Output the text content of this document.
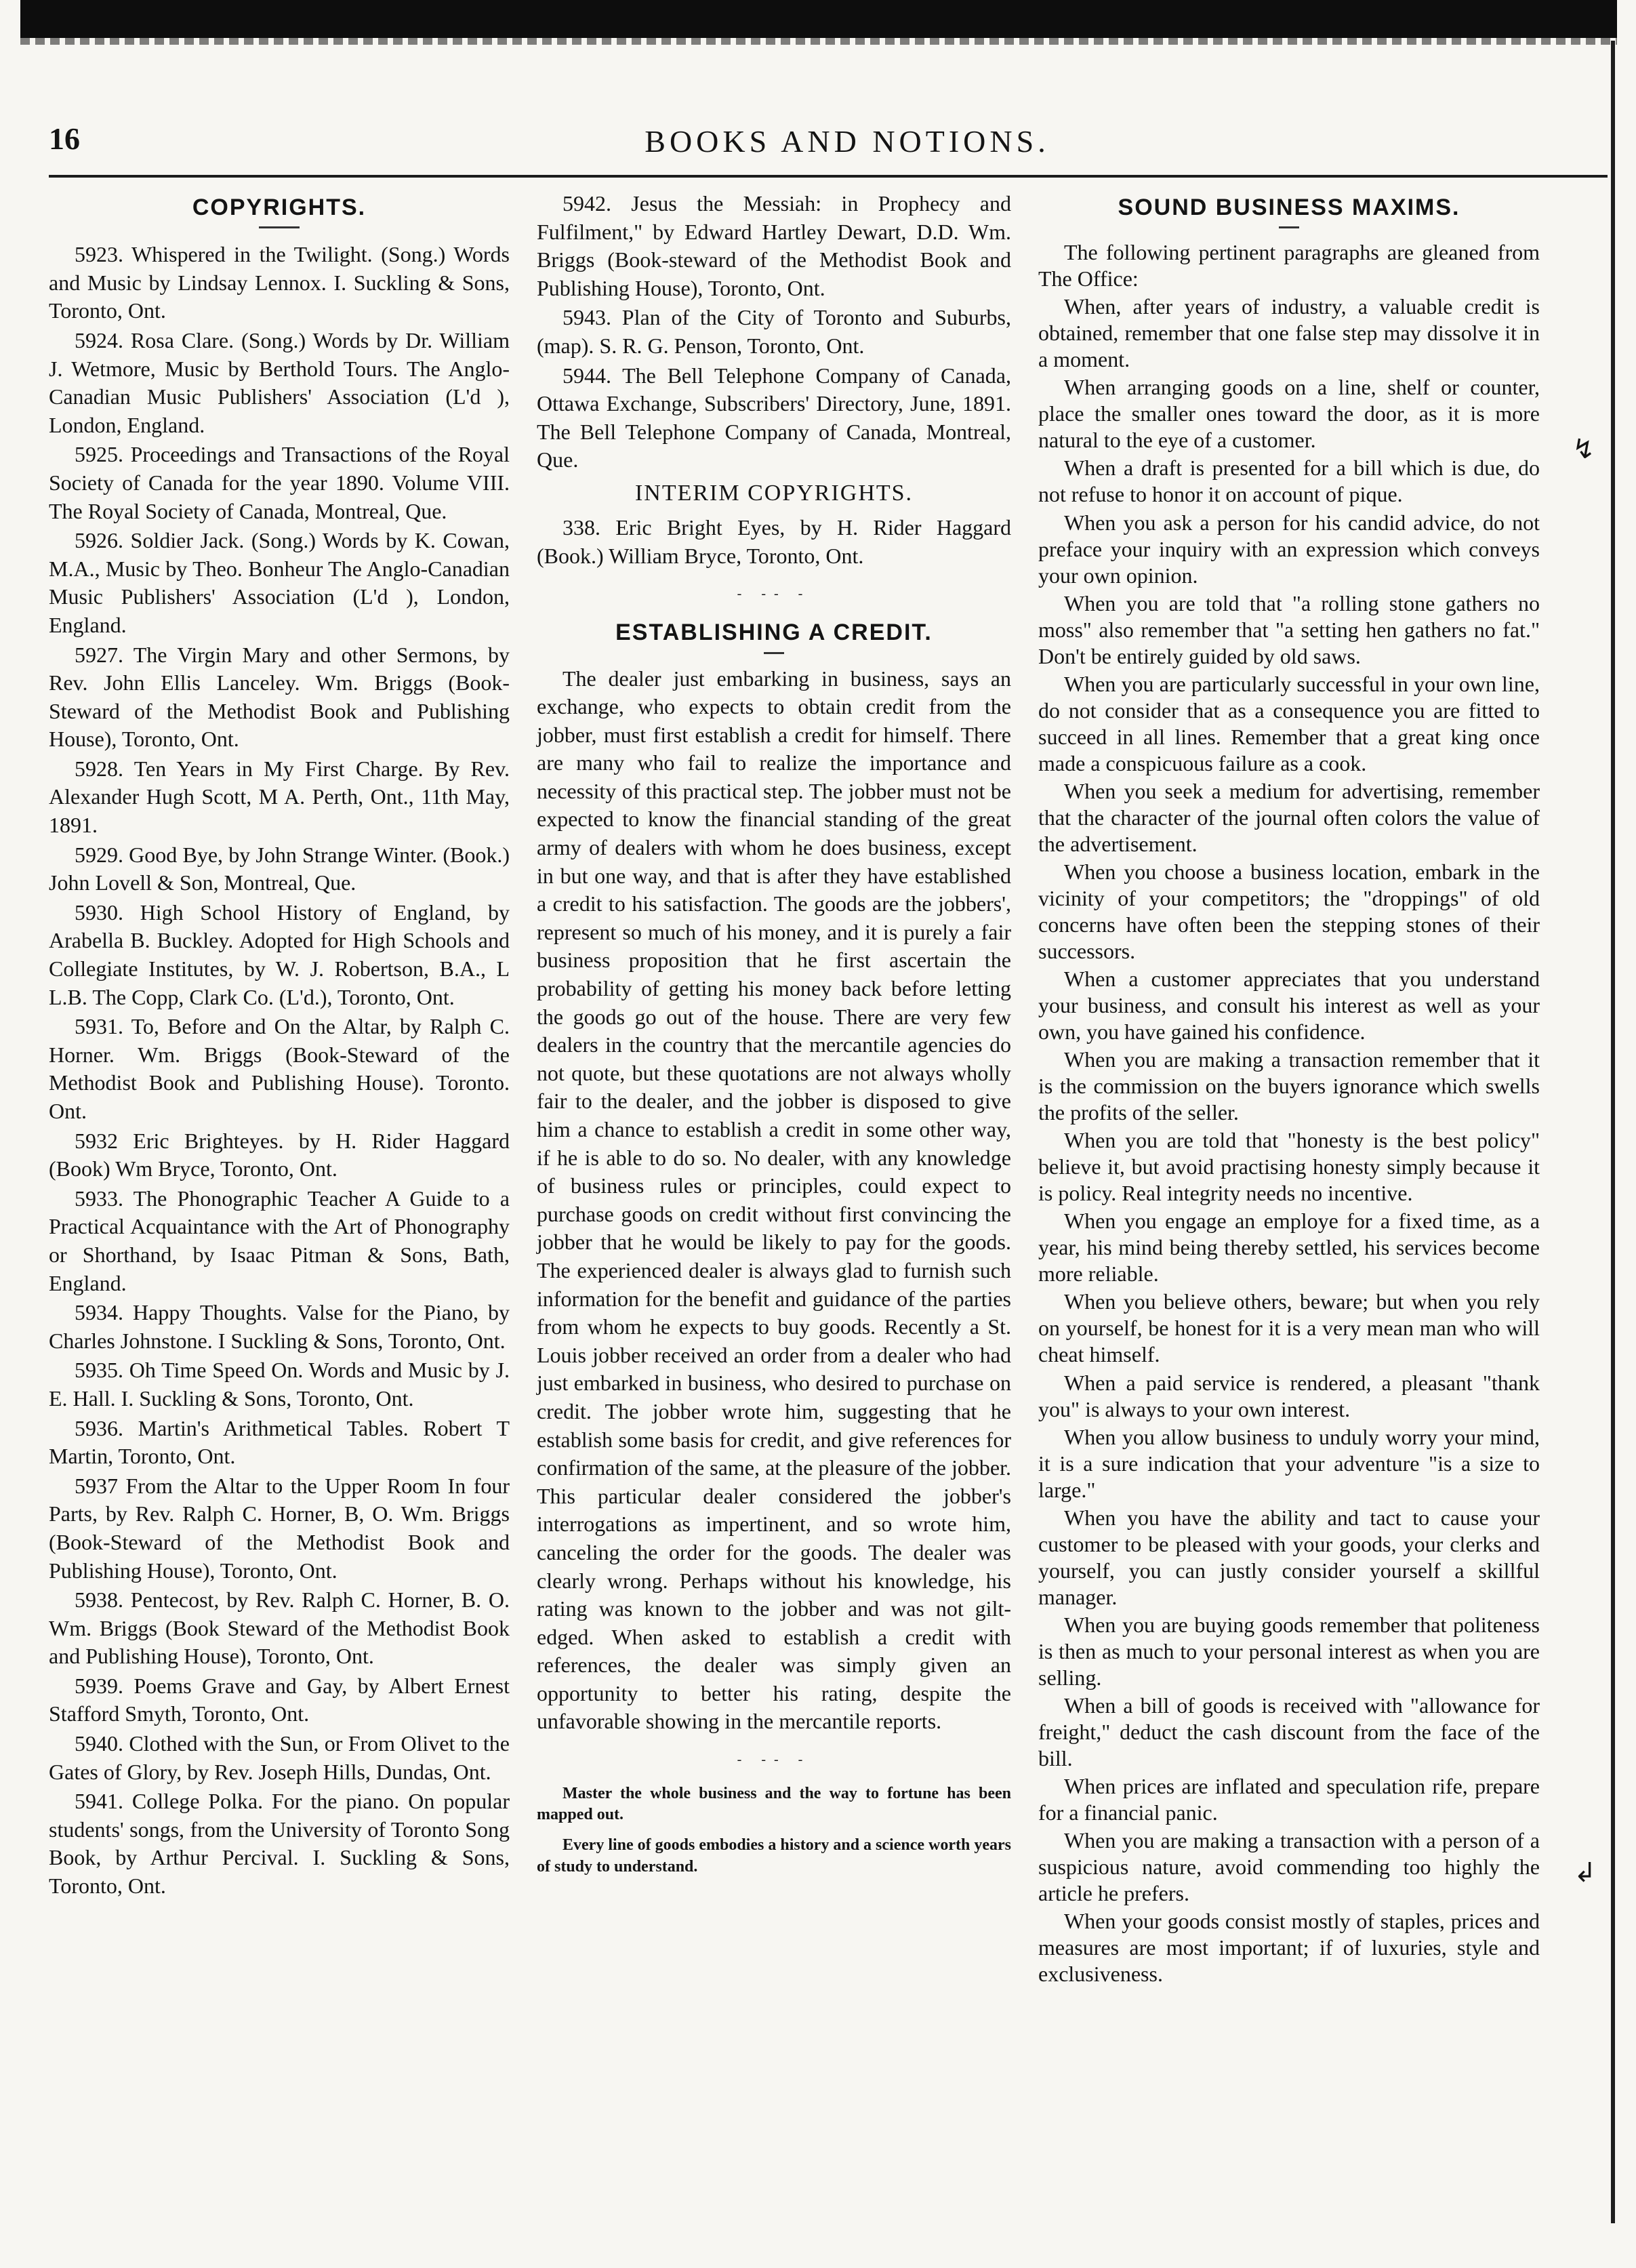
16	BOOKS AND NOTIONS.
COPYRIGHTS.

5923. Whispered in the Twilight. (Song.) Words and Music by Lindsay Lennox. I. Suckling & Sons, Toronto, Ont.

5924. Rosa Clare. (Song.) Words by Dr. William J. Wetmore, Music by Berthold Tours. The Anglo-Canadian Music Publishers' Association (L'd ), London, England.

5925. Proceedings and Transactions of the Royal Society of Canada for the year 1890. Volume VIII. The Royal Society of Canada, Montreal, Que.

5926. Soldier Jack. (Song.) Words by K. Cowan, M.A., Music by Theo. Bonheur The Anglo-Canadian Music Publishers' Association (L'd ), London, England.

5927. The Virgin Mary and other Sermons, by Rev. John Ellis Lanceley. Wm. Briggs (Book-Steward of the Methodist Book and Publishing House), Toronto, Ont.

5928. Ten Years in My First Charge. By Rev. Alexander Hugh Scott, M A. Perth, Ont., 11th May, 1891.

5929. Good Bye, by John Strange Winter. (Book.) John Lovell & Son, Montreal, Que.

5930. High School History of England, by Arabella B. Buckley. Adopted for High Schools and Collegiate Institutes, by W. J. Robertson, B.A., L L.B. The Copp, Clark Co. (L'd.), Toronto, Ont.

5931. To, Before and On the Altar, by Ralph C. Horner. Wm. Briggs (Book-Steward of the Methodist Book and Publishing House). Toronto. Ont.

5932 Eric Brighteyes. by H. Rider Haggard (Book) Wm Bryce, Toronto, Ont.

5933. The Phonographic Teacher A Guide to a Practical Acquaintance with the Art of Phonography or Shorthand, by Isaac Pitman & Sons, Bath, England.

5934. Happy Thoughts. Valse for the Piano, by Charles Johnstone. I Suckling & Sons, Toronto, Ont.

5935. Oh Time Speed On. Words and Music by J. E. Hall. I. Suckling & Sons, Toronto, Ont.

5936. Martin's Arithmetical Tables. Robert T Martin, Toronto, Ont.

5937 From the Altar to the Upper Room In four Parts, by Rev. Ralph C. Horner, B, O. Wm. Briggs (Book-Steward of the Methodist Book and Publishing House), Toronto, Ont.

5938. Pentecost, by Rev. Ralph C. Horner, B. O. Wm. Briggs (Book Steward of the Methodist Book and Publishing House), Toronto, Ont.

5939. Poems Grave and Gay, by Albert Ernest Stafford Smyth, Toronto, Ont.

5940. Clothed with the Sun, or From Olivet to the Gates of Glory, by Rev. Joseph Hills, Dundas, Ont.

5941. College Polka. For the piano. On popular students' songs, from the University of Toronto Song Book, by Arthur Percival. I. Suckling & Sons, Toronto, Ont.

5942. Jesus the Messiah: in Prophecy and Fulfilment," by Edward Hartley Dewart, D.D. Wm. Briggs (Book-steward of the Methodist Book and Publishing House), Toronto, Ont.

5943. Plan of the City of Toronto and Suburbs, (map). S. R. G. Penson, Toronto, Ont.

5944. The Bell Telephone Company of Canada, Ottawa Exchange, Subscribers' Directory, June, 1891. The Bell Telephone Company of Canada, Montreal, Que.

INTERIM COPYRIGHTS.

338. Eric Bright Eyes, by H. Rider Haggard (Book.) William Bryce, Toronto, Ont.

- -- -
ESTABLISHING A CREDIT.

The dealer just embarking in business, says an exchange, who expects to obtain credit from the jobber, must first establish a credit for himself. There are many who fail to realize the importance and necessity of this practical step. The jobber must not be expected to know the financial standing of the great army of dealers with whom he does business, except in but one way, and that is after they have established a credit to his satisfaction. The goods are the jobbers', represent so much of his money, and it is purely a fair business proposition that he first ascertain the probability of getting his money back before letting the goods go out of the house. There are very few dealers in the country that the mercantile agencies do not quote, but these quotations are not always wholly fair to the dealer, and the jobber is disposed to give him a chance to establish a credit in some other way, if he is able to do so. No dealer, with any knowledge of business rules or principles, could expect to purchase goods on credit without first convincing the jobber that he would be likely to pay for the goods. The experienced dealer is always glad to furnish such information for the benefit and guidance of the parties from whom he expects to buy goods. Recently a St. Louis jobber received an order from a dealer who had just embarked in business, who desired to purchase on credit. The jobber wrote him, suggesting that he establish some basis for credit, and give references for confirmation of the same, at the pleasure of the jobber. This particular dealer considered the jobber's interrogations as impertinent, and so wrote him, canceling the order for the goods. The dealer was clearly wrong. Perhaps without his knowledge, his rating was known to the jobber and was not gilt-edged. When asked to establish a credit with references, the dealer was simply given an opportunity to better his rating, despite the unfavorable showing in the mercantile reports.

- -- -

Master the whole business and the way to fortune has been mapped out.

Every line of goods embodies a history and a science worth years of study to understand.

SOUND BUSINESS MAXIMS.

The following pertinent paragraphs are gleaned from The Office:

When, after years of industry, a valuable credit is obtained, remember that one false step may dissolve it in a moment.

When arranging goods on a line, shelf or counter, place the smaller ones toward the door, as it is more natural to the eye of a customer.

When a draft is presented for a bill which is due, do not refuse to honor it on account of pique.

When you ask a person for his candid advice, do not preface your inquiry with an expression which conveys your own opinion.

When you are told that "a rolling stone gathers no moss" also remember that "a setting hen gathers no fat." Don't be entirely guided by old saws.

When you are particularly successful in your own line, do not consider that as a consequence you are fitted to succeed in all lines. Remember that a great king once made a conspicuous failure as a cook.

When you seek a medium for advertising, remember that the character of the journal often colors the value of the advertisement.

When you choose a business location, embark in the vicinity of your competitors; the "droppings" of old concerns have often been the stepping stones of their successors.

When a customer appreciates that you understand your business, and consult his interest as well as your own, you have gained his confidence.

When you are making a transaction remember that it is the commission on the buyers ignorance which swells the profits of the seller.

When you are told that "honesty is the best policy" believe it, but avoid practising honesty simply because it is policy. Real integrity needs no incentive.

When you engage an employe for a fixed time, as a year, his mind being thereby settled, his services become more reliable.

When you believe others, beware; but when you rely on yourself, be honest for it is a very mean man who will cheat himself.

When a paid service is rendered, a pleasant "thank you" is always to your own interest.

When you allow business to unduly worry your mind, it is a sure indication that your adventure "is a size to large."

When you have the ability and tact to cause your customer to be pleased with your goods, your clerks and yourself, you can justly consider yourself a skillful manager.

When you are buying goods remember that politeness is then as much to your personal interest as when you are selling.

When a bill of goods is received with "allowance for freight," deduct the cash discount from the face of the bill.

When prices are inflated and speculation rife, prepare for a financial panic.

When you are making a transaction with a person of a suspicious nature, avoid commending too highly the article he prefers.

When your goods consist mostly of staples, prices and measures are most important; if of luxuries, style and exclusiveness.

↯
↲
